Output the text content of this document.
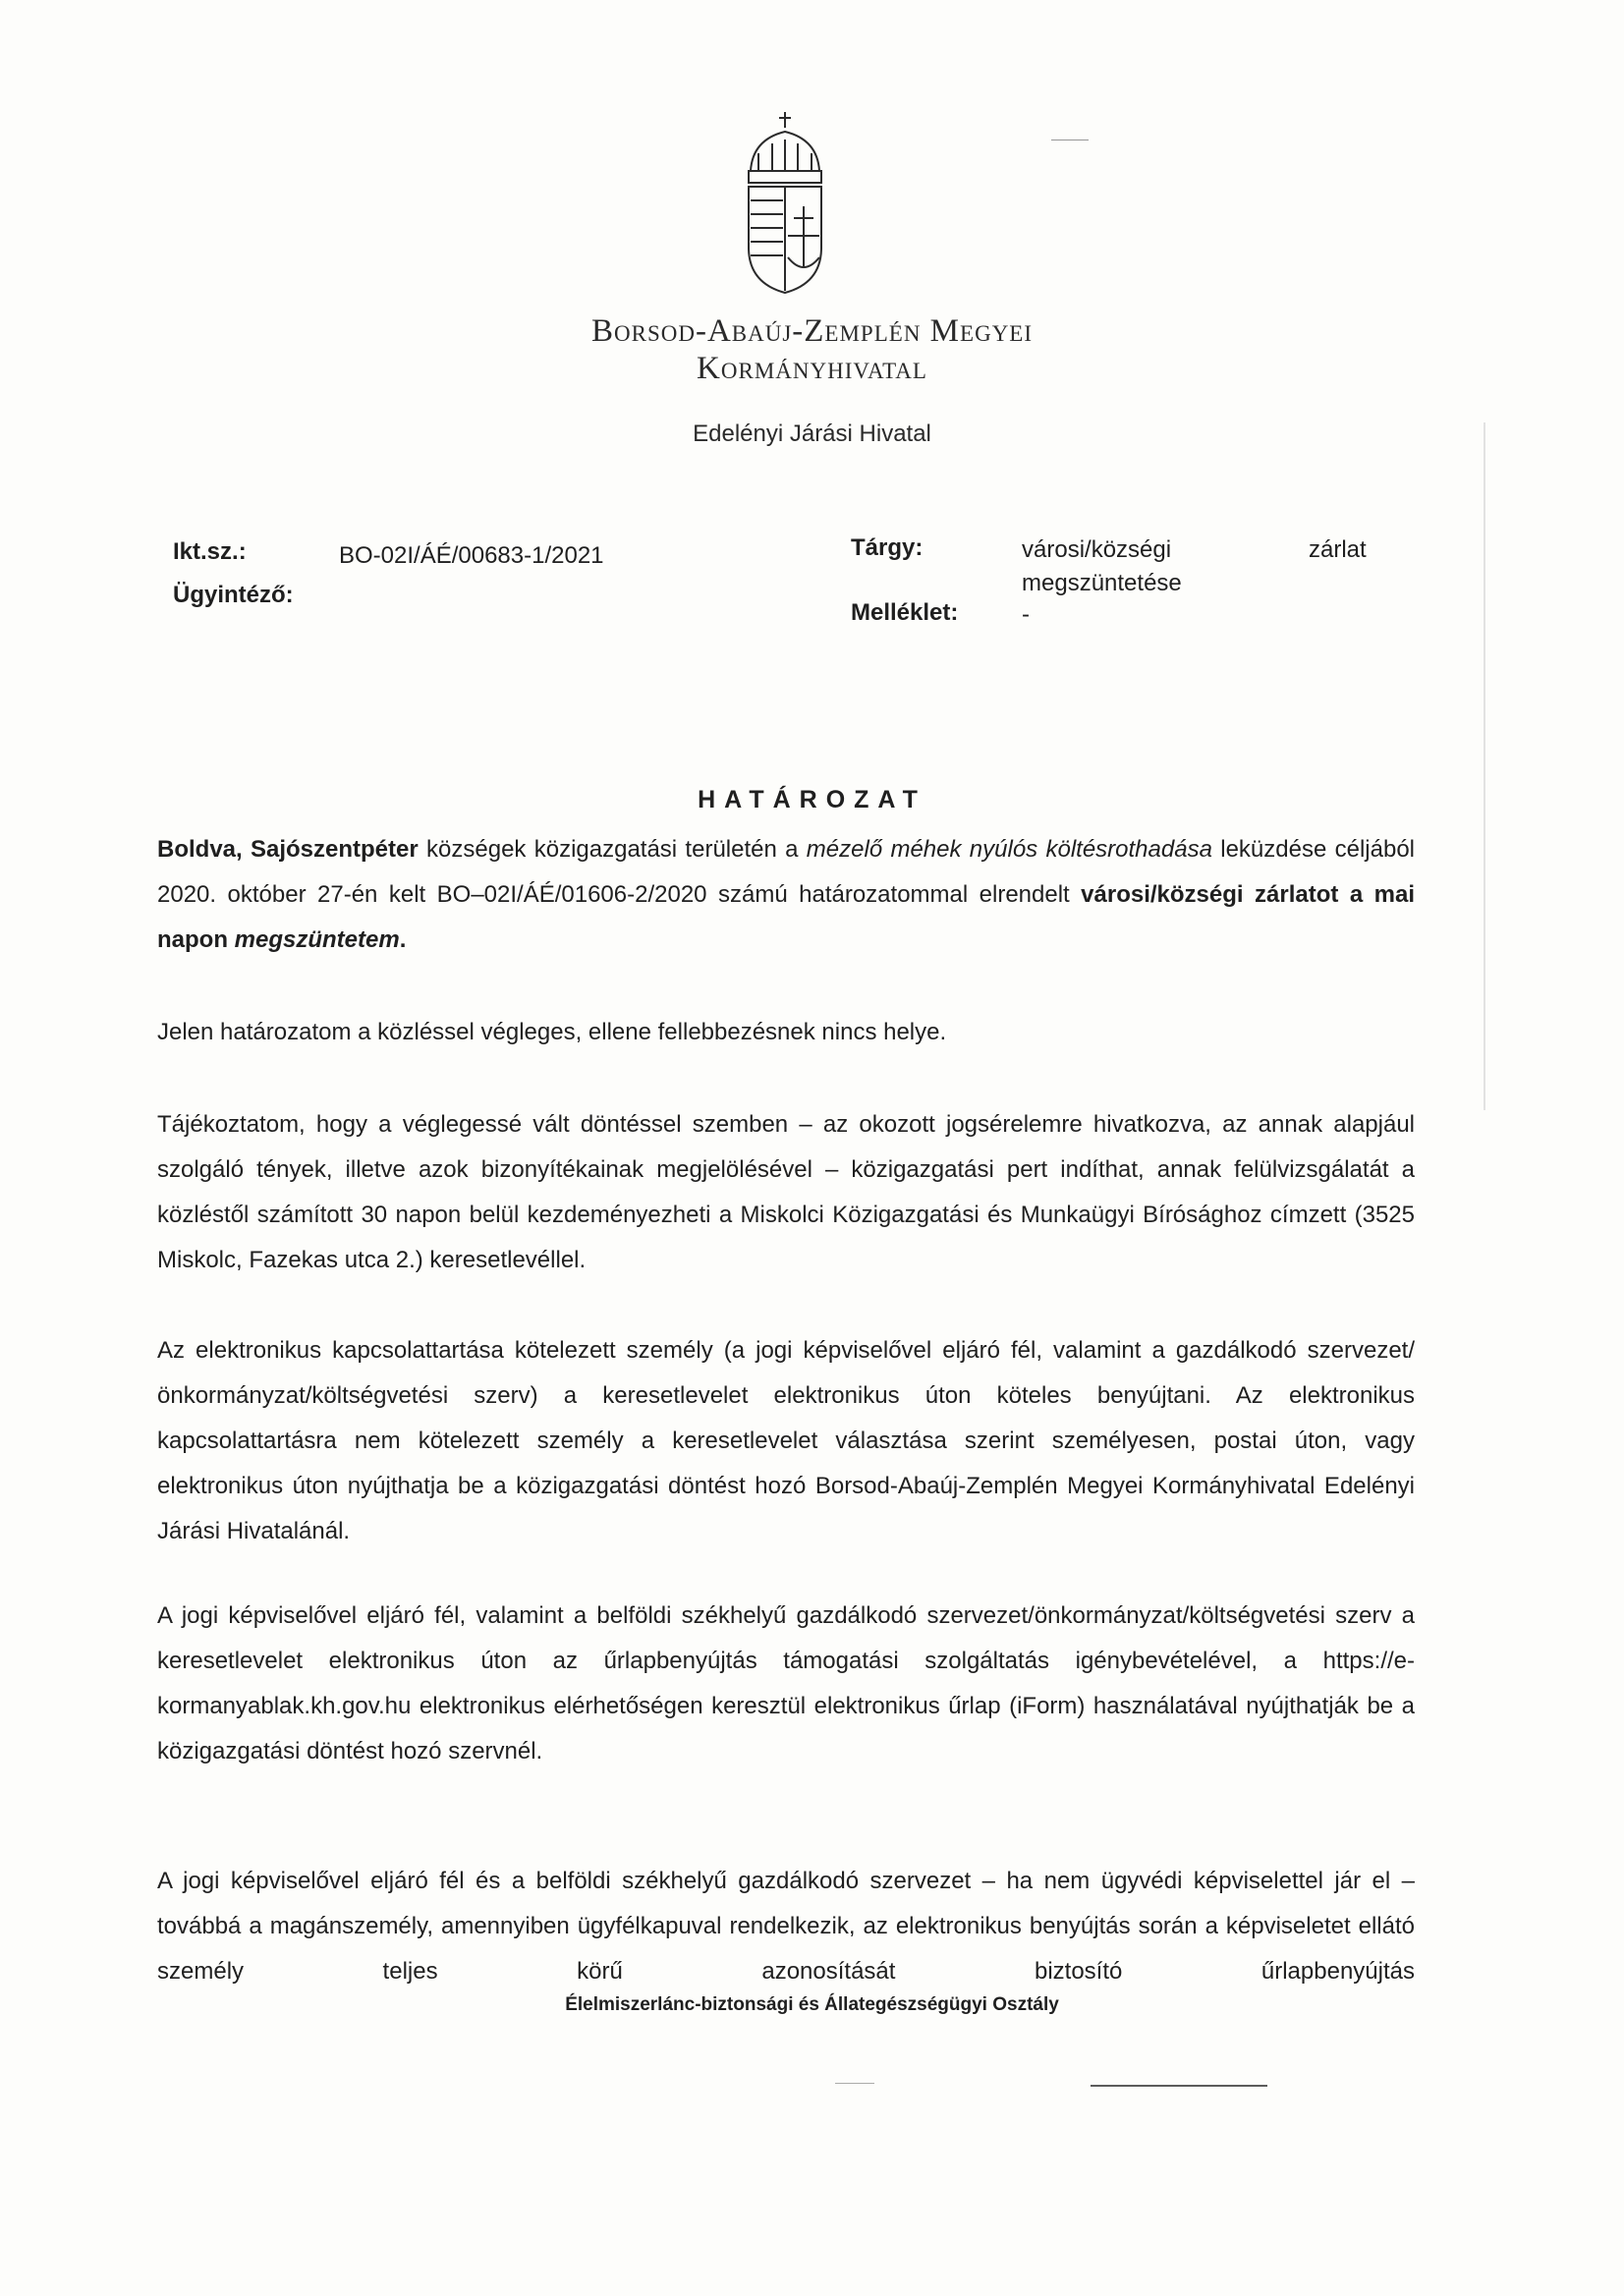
Borsod-Abaúj-Zemplén Megyei
Kormányhivatal
Edelényi Járási Hivatal
Ikt.sz.:	BO-02I/ÁÉ/00683-1/2021
Ügyintéző:
Tárgy:	városi/községi	zárlat
megszüntetése
Melléklet:	-
HATÁROZAT

Boldva, Sajószentpéter községek közigazgatási területén a mézelő méhek nyúlós költésrothadása leküzdése céljából 2020. október 27-én kelt BO–02I/ÁÉ/01606-2/2020 számú határozatommal elrendelt városi/községi zárlatot a mai napon megszüntetem.

Jelen határozatom a közléssel végleges, ellene fellebbezésnek nincs helye.

Tájékoztatom, hogy a véglegessé vált döntéssel szemben – az okozott jogsérelemre hivatkozva, az annak alapjául szolgáló tények, illetve azok bizonyítékainak megjelölésével – közigazgatási pert indíthat, annak felülvizsgálatát a közléstől számított 30 napon belül kezdeményezheti a Miskolci Közigazgatási és Munkaügyi Bírósághoz címzett (3525 Miskolc, Fazekas utca 2.) keresetlevéllel.

Az elektronikus kapcsolattartása kötelezett személy (a jogi képviselővel eljáró fél, valamint a gazdálkodó szervezet/önkormányzat/költségvetési szerv) a keresetlevelet elektronikus úton köteles benyújtani. Az elektronikus kapcsolattartásra nem kötelezett személy a keresetlevelet választása szerint személyesen, postai úton, vagy elektronikus úton nyújthatja be a közigazgatási döntést hozó Borsod-Abaúj-Zemplén Megyei Kormányhivatal Edelényi Járási Hivatalánál.

A jogi képviselővel eljáró fél, valamint a belföldi székhelyű gazdálkodó szervezet/önkormányzat/költségvetési szerv a keresetlevelet elektronikus úton az űrlapbenyújtás támogatási szolgáltatás igénybevételével, a https://e-kormanyablak.kh.gov.hu elektronikus elérhetőségen keresztül elektronikus űrlap (iForm) használatával nyújthatják be a közigazgatási döntést hozó szervnél.

A jogi képviselővel eljáró fél és a belföldi székhelyű gazdálkodó szervezet – ha nem ügyvédi képviselettel jár el – továbbá a magánszemély, amennyiben ügyfélkapuval rendelkezik, az elektronikus benyújtás során a képviseletet ellátó személy teljes körű azonosítását biztosító űrlapbenyújtás

Élelmiszerlánc-biztonsági és Állategészségügyi Osztály
